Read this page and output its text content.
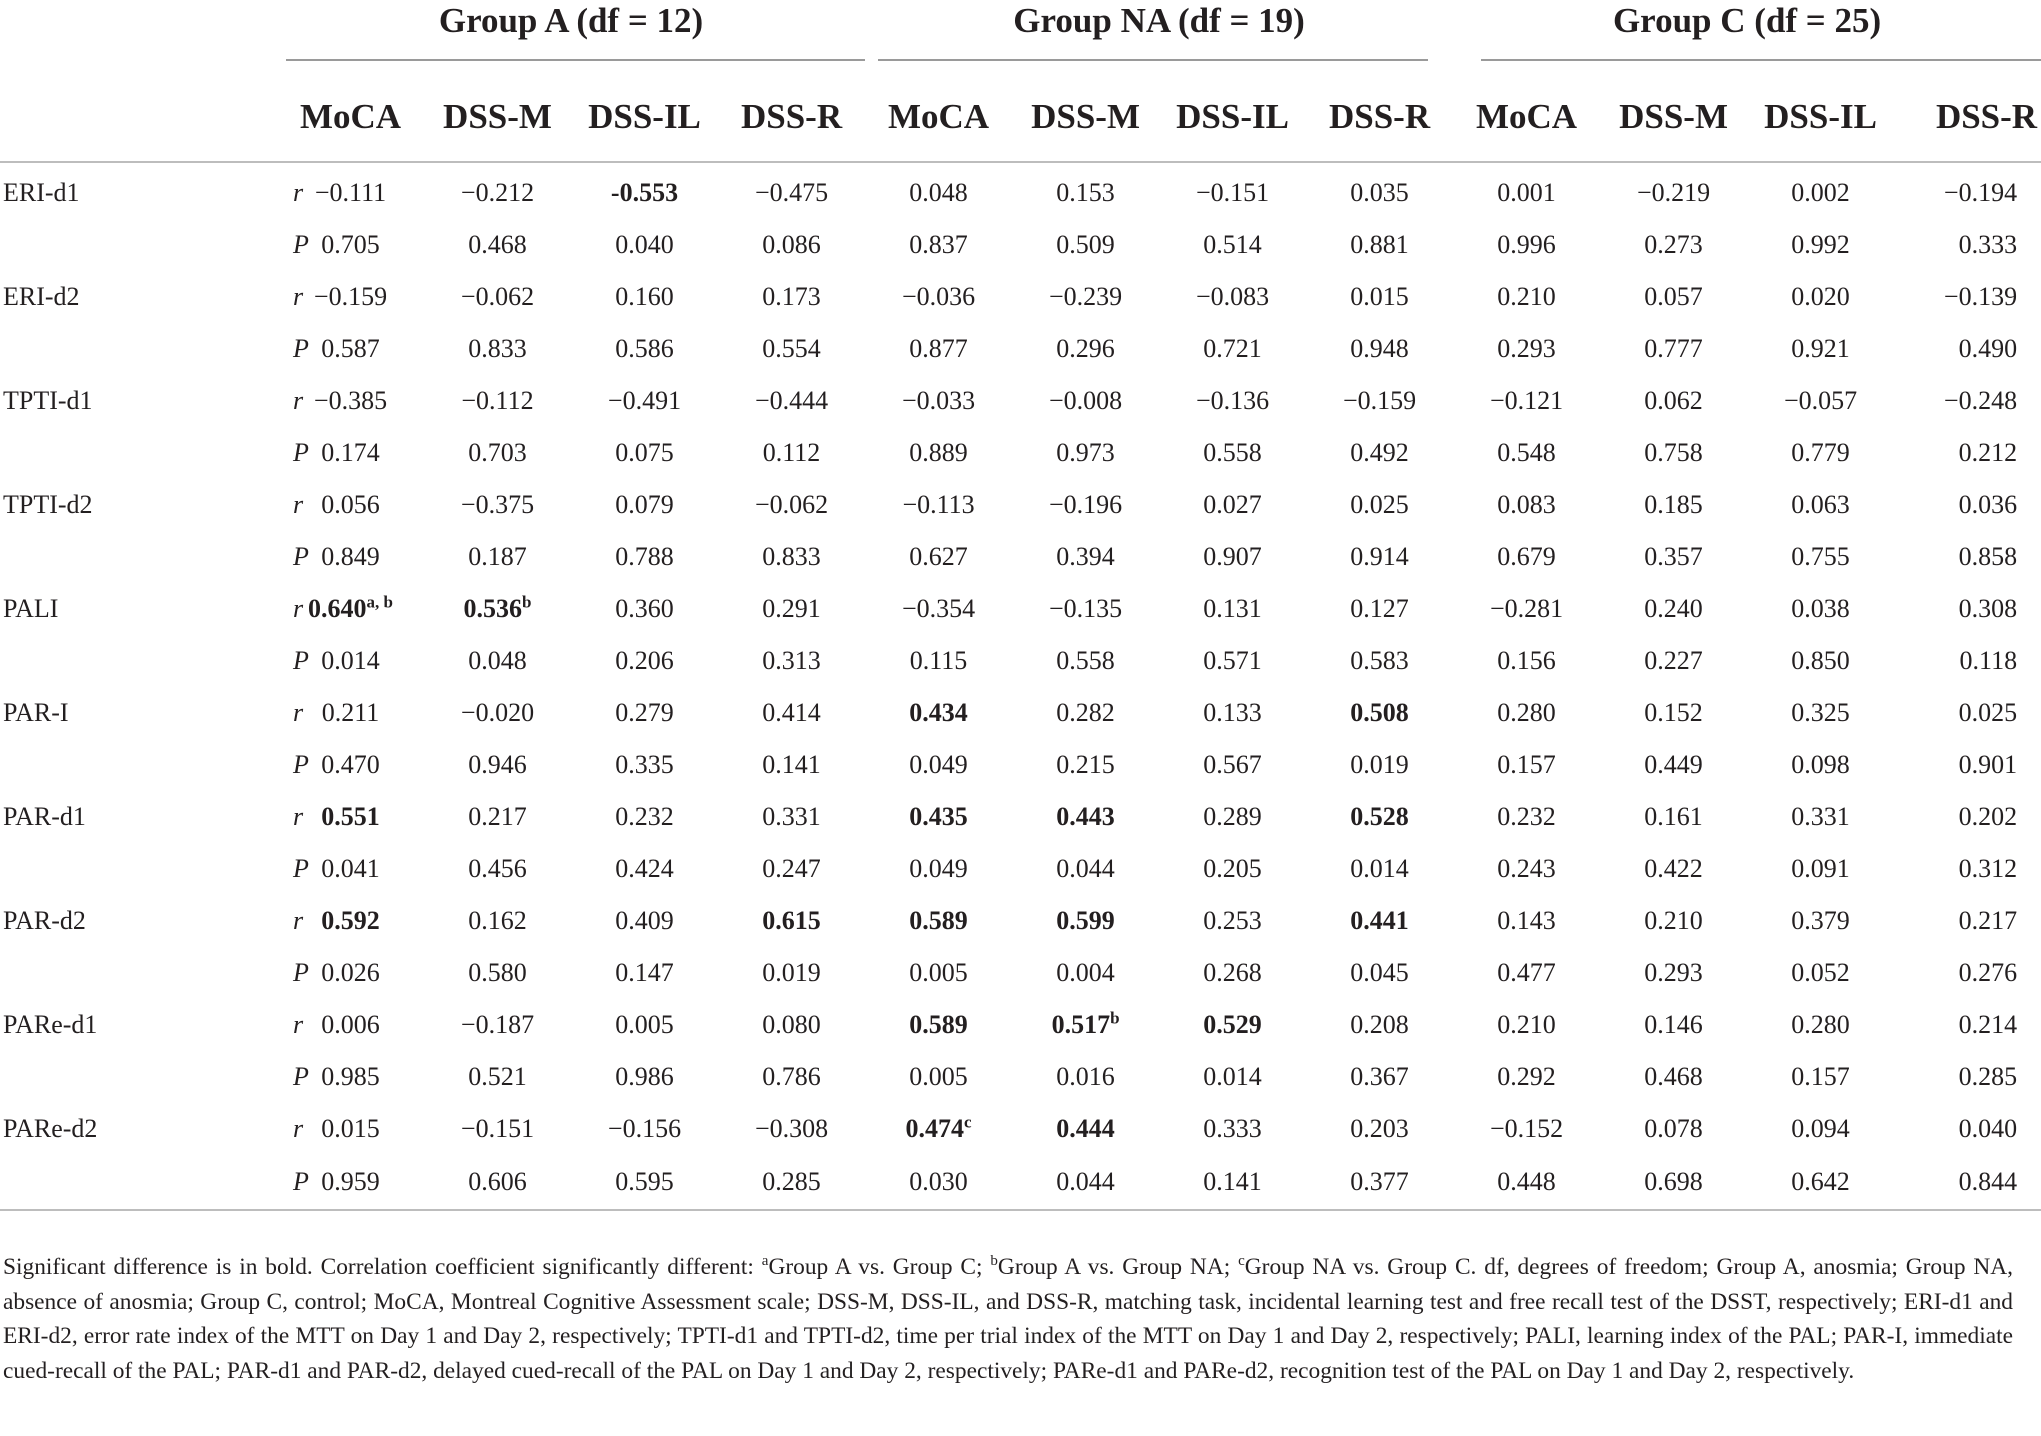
		Group A (df = 12)				Group NA (df = 19)				Group C (df = 25)			

		MoCA	DSS-M	DSS-IL	DSS-R	MoCA	DSS-M	DSS-IL	DSS-R	MoCA	DSS-M	DSS-IL	DSS-R
ERI-d1	r	−0.111	−0.212	-0.553	−0.475	0.048	0.153	−0.151	0.035	0.001	−0.219	0.002	−0.194
	P	0.705	0.468	0.040	0.086	0.837	0.509	0.514	0.881	0.996	0.273	0.992	0.333
ERI-d2	r	−0.159	−0.062	0.160	0.173	−0.036	−0.239	−0.083	0.015	0.210	0.057	0.020	−0.139
	P	0.587	0.833	0.586	0.554	0.877	0.296	0.721	0.948	0.293	0.777	0.921	0.490
TPTI-d1	r	−0.385	−0.112	−0.491	−0.444	−0.033	−0.008	−0.136	−0.159	−0.121	0.062	−0.057	−0.248
	P	0.174	0.703	0.075	0.112	0.889	0.973	0.558	0.492	0.548	0.758	0.779	0.212
TPTI-d2	r	0.056	−0.375	0.079	−0.062	−0.113	−0.196	0.027	0.025	0.083	0.185	0.063	0.036
	P	0.849	0.187	0.788	0.833	0.627	0.394	0.907	0.914	0.679	0.357	0.755	0.858
PALI	r	0.640$^{a, b}$	0.536$^b$	0.360	0.291	−0.354	−0.135	0.131	0.127	−0.281	0.240	0.038	0.308
	P	0.014	0.048	0.206	0.313	0.115	0.558	0.571	0.583	0.156	0.227	0.850	0.118
PAR-I	r	0.211	−0.020	0.279	0.414	0.434	0.282	0.133	0.508	0.280	0.152	0.325	0.025
	P	0.470	0.946	0.335	0.141	0.049	0.215	0.567	0.019	0.157	0.449	0.098	0.901
PAR-d1	r	0.551	0.217	0.232	0.331	0.435	0.443	0.289	0.528	0.232	0.161	0.331	0.202
	P	0.041	0.456	0.424	0.247	0.049	0.044	0.205	0.014	0.243	0.422	0.091	0.312
PAR-d2	r	0.592	0.162	0.409	0.615	0.589	0.599	0.253	0.441	0.143	0.210	0.379	0.217
	P	0.026	0.580	0.147	0.019	0.005	0.004	0.268	0.045	0.477	0.293	0.052	0.276
PARe-d1	r	0.006	−0.187	0.005	0.080	0.589	0.517$^b$	0.529	0.208	0.210	0.146	0.280	0.214
	P	0.985	0.521	0.986	0.786	0.005	0.016	0.014	0.367	0.292	0.468	0.157	0.285
PARe-d2	r	0.015	−0.151	−0.156	−0.308	0.474$^c$	0.444	0.333	0.203	−0.152	0.078	0.094	0.040
	P	0.959	0.606	0.595	0.285	0.030	0.044	0.141	0.377	0.448	0.698	0.642	0.844
Significant difference is in bold. Correlation coefficient significantly different: $^a$Group A vs. Group C; $^b$Group A vs. Group NA; $^c$Group NA vs. Group C. df, degrees of freedom; Group A, anosmia; Group NA, absence of anosmia; Group C, control; MoCA, Montreal Cognitive Assessment scale; DSS-M, DSS-IL, and DSS-R, matching task, incidental learning test and free recall test of the DSST, respectively; ERI-d1 and ERI-d2, error rate index of the MTT on Day 1 and Day 2, respectively; TPTI-d1 and TPTI-d2, time per trial index of the MTT on Day 1 and Day 2, respectively; PALI, learning index of the PAL; PAR-I, immediate cued-recall of the PAL; PAR-d1 and PAR-d2, delayed cued-recall of the PAL on Day 1 and Day 2, respectively; PARe-d1 and PARe-d2, recognition test of the PAL on Day 1 and Day 2, respectively.
